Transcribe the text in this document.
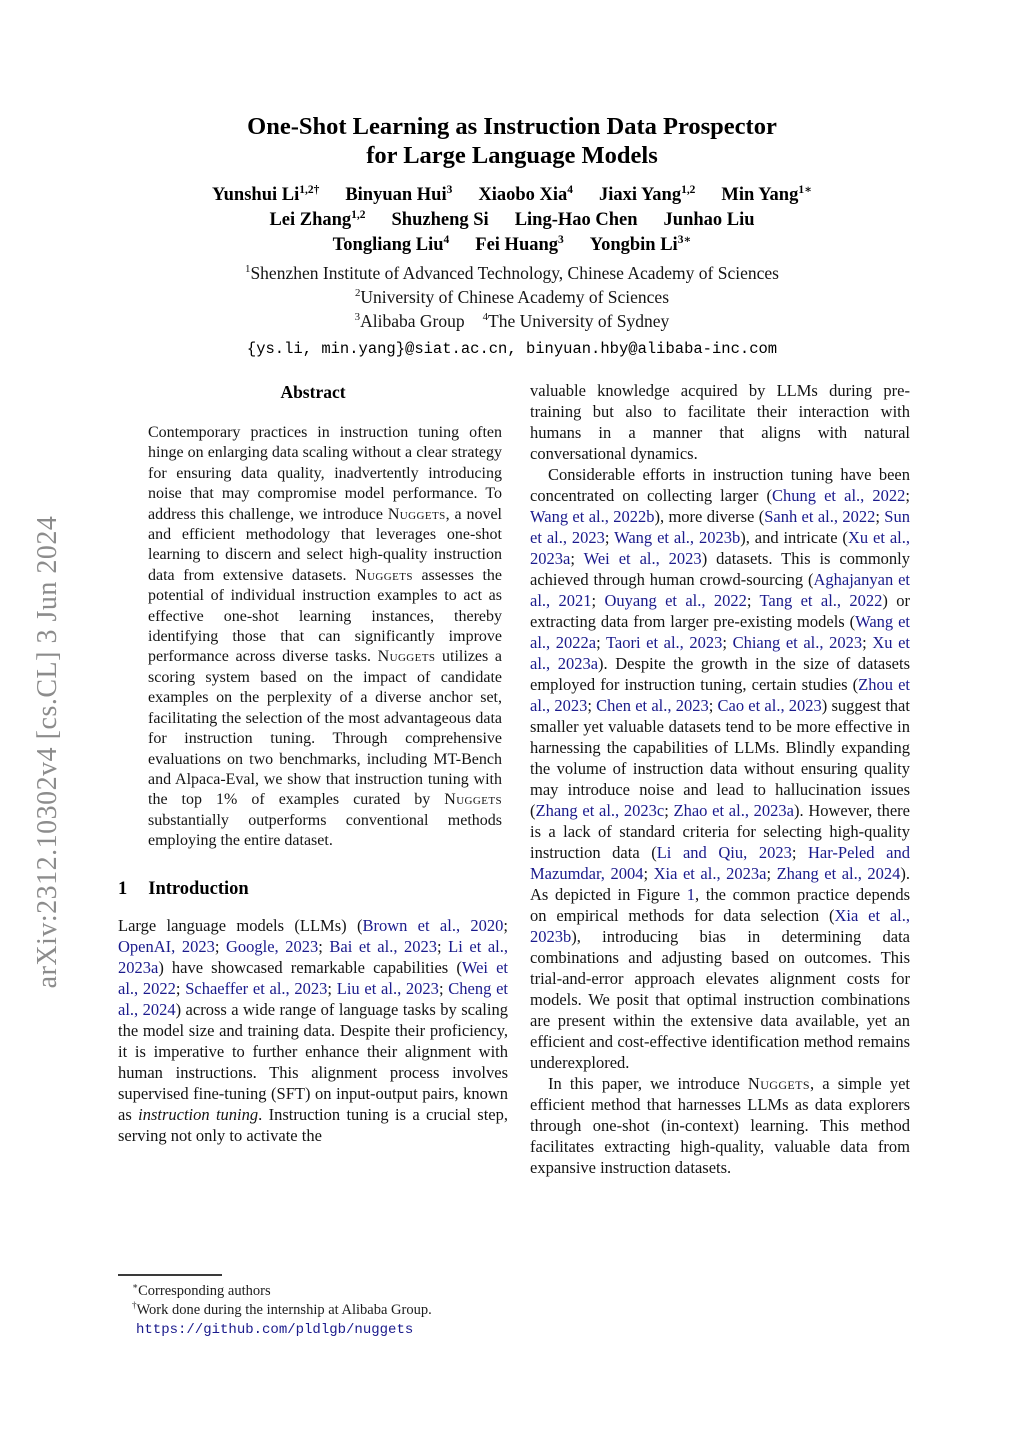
arXiv:2312.10302v4 [cs.CL] 3 Jun 2024
One-Shot Learning as Instruction Data Prospector
for Large Language Models
Yunshui $Li^{1,2\dagger}$ Binyuan Hui$^3$ Xiaobo Xia$^4$ Jiaxi Yang$^{1,2}$ Min Yang$^{1∗}$
Lei Zhang$^{1,2}$ Shuzheng Si Ling-Hao Chen Junhao Liu
Tongliang Liu$^4$ Fei Huang$^3$ Yongbin $Li^{3∗}$
$^1$Shenzhen Institute of Advanced Technology, Chinese Academy of Sciences
$^2$University of Chinese Academy of Sciences
$^3$Alibaba Group $^4$The University of Sydney
{ys.li, min.yang}@siat.ac.cn, binyuan.hby@alibaba-inc.com
Abstract

Contemporary practices in instruction tuning often hinge on enlarging data scaling without a clear strategy for ensuring data quality, inadvertently introducing noise that may compromise model performance. To address this challenge, we introduce Nuggets, a novel and efficient methodology that leverages one-shot learning to discern and select high-quality instruction data from extensive datasets. Nuggets assesses the potential of individual instruction examples to act as effective one-shot learning instances, thereby identifying those that can significantly improve performance across diverse tasks. Nuggets utilizes a scoring system based on the impact of candidate examples on the perplexity of a diverse anchor set, facilitating the selection of the most advantageous data for instruction tuning. Through comprehensive evaluations on two benchmarks, including MT-Bench and Alpaca-Eval, we show that instruction tuning with the top 1% of examples curated by Nuggets substantially outperforms conventional methods employing the entire dataset.

1 Introduction

Large language models (LLMs) (Brown et al., 2020; OpenAI, 2023; Google, 2023; Bai et al., 2023; Li et al., 2023a) have showcased remarkable capabilities (Wei et al., 2022; Schaeffer et al., 2023; Liu et al., 2023; Cheng et al., 2024) across a wide range of language tasks by scaling the model size and training data. Despite their proficiency, it is imperative to further enhance their alignment with human instructions. This alignment process involves supervised fine-tuning (SFT) on input-output pairs, known as instruction tuning. Instruction tuning is a crucial step, serving not only to activate the

∗Corresponding authors
†Work done during the internship at Alibaba Group.
https://github.com/pldlgb/nuggets

valuable knowledge acquired by LLMs during pre-training but also to facilitate their interaction with humans in a manner that aligns with natural conversational dynamics.

Considerable efforts in instruction tuning have been concentrated on collecting larger (Chung et al., 2022; Wang et al., 2022b), more diverse (Sanh et al., 2022; Sun et al., 2023; Wang et al., 2023b), and intricate (Xu et al., 2023a; Wei et al., 2023) datasets. This is commonly achieved through human crowd-sourcing (Aghajanyan et al., 2021; Ouyang et al., 2022; Tang et al., 2022) or extracting data from larger pre-existing models (Wang et al., 2022a; Taori et al., 2023; Chiang et al., 2023; Xu et al., 2023a). Despite the growth in the size of datasets employed for instruction tuning, certain studies (Zhou et al., 2023; Chen et al., 2023; Cao et al., 2023) suggest that smaller yet valuable datasets tend to be more effective in harnessing the capabilities of LLMs. Blindly expanding the volume of instruction data without ensuring quality may introduce noise and lead to hallucination issues (Zhang et al., 2023c; Zhao et al., 2023a). However, there is a lack of standard criteria for selecting high-quality instruction data (Li and Qiu, 2023; Har-Peled and Mazumdar, 2004; Xia et al., 2023a; Zhang et al., 2024). As depicted in Figure 1, the common practice depends on empirical methods for data selection (Xia et al., 2023b), introducing bias in determining data combinations and adjusting based on outcomes. This trial-and-error approach elevates alignment costs for models. We posit that optimal instruction combinations are present within the extensive data available, yet an efficient and cost-effective identification method remains underexplored.

In this paper, we introduce Nuggets, a simple yet efficient method that harnesses LLMs as data explorers through one-shot (in-context) learning. This method facilitates extracting high-quality, valuable data from expansive instruction datasets.
